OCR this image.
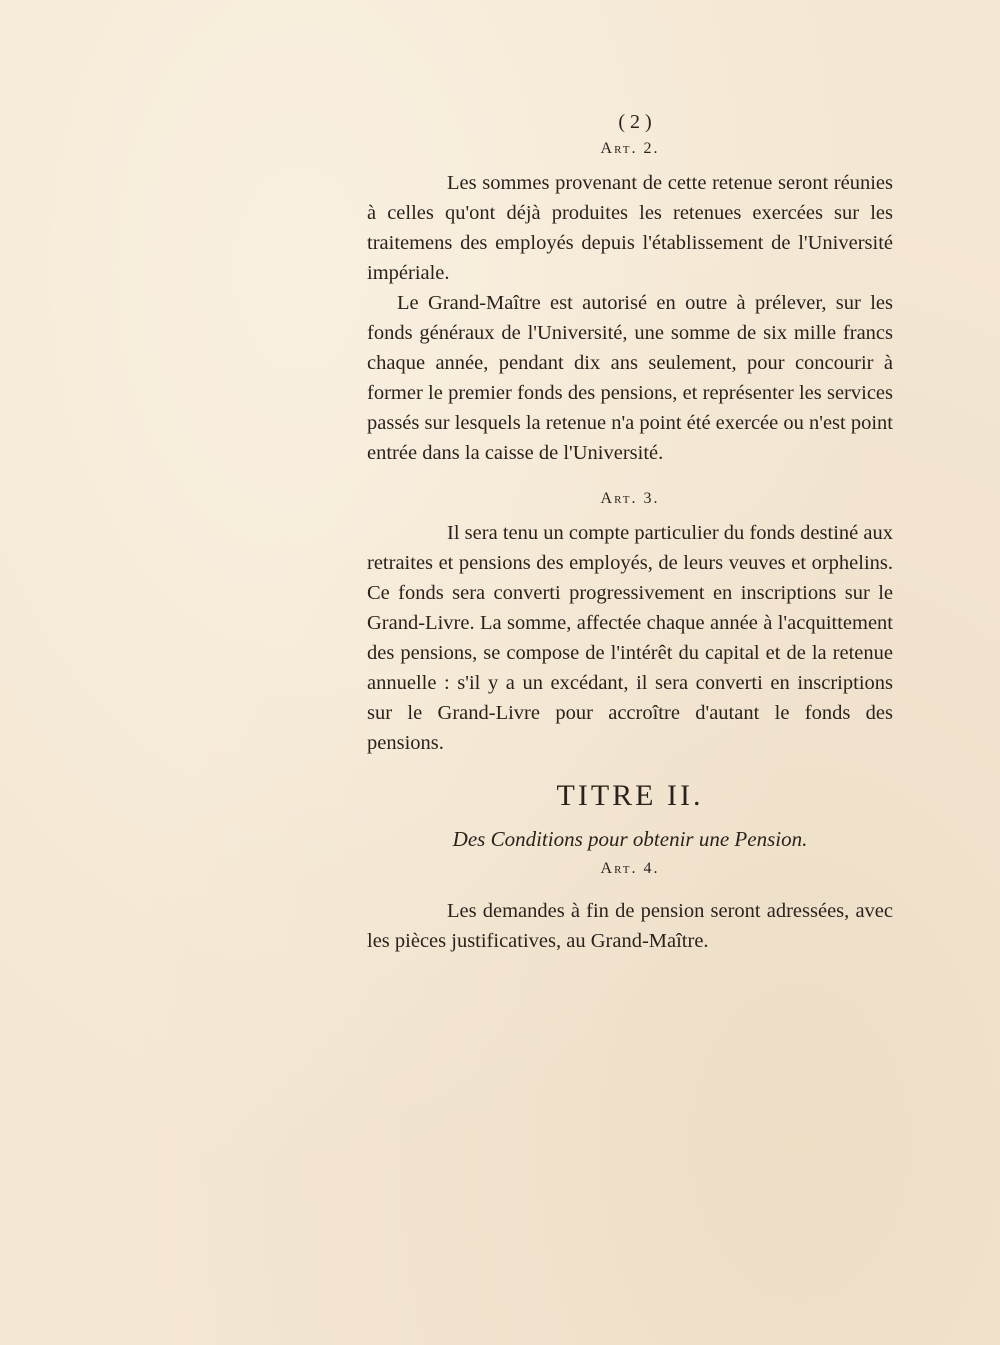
( 2 )
Art. 2.

Les sommes provenant de cette retenue seront réunies à celles qu'ont déjà produites les retenues exercées sur les traitemens des employés depuis l'établissement de l'Université impériale.

Le Grand-Maître est autorisé en outre à prélever, sur les fonds généraux de l'Université, une somme de six mille francs chaque année, pendant dix ans seulement, pour concourir à former le premier fonds des pensions, et représenter les services passés sur lesquels la retenue n'a point été exercée ou n'est point entrée dans la caisse de l'Université.

Art. 3.

Il sera tenu un compte particulier du fonds destiné aux retraites et pensions des employés, de leurs veuves et orphelins. Ce fonds sera converti progressivement en inscriptions sur le Grand-Livre. La somme, affectée chaque année à l'acquittement des pensions, se compose de l'intérêt du capital et de la retenue annuelle : s'il y a un excédant, il sera converti en inscriptions sur le Grand-Livre pour accroître d'autant le fonds des pensions.

TITRE II.
Des Conditions pour obtenir une Pension.
Art. 4.

Les demandes à fin de pension seront adressées, avec les pièces justificatives, au Grand-Maître.
